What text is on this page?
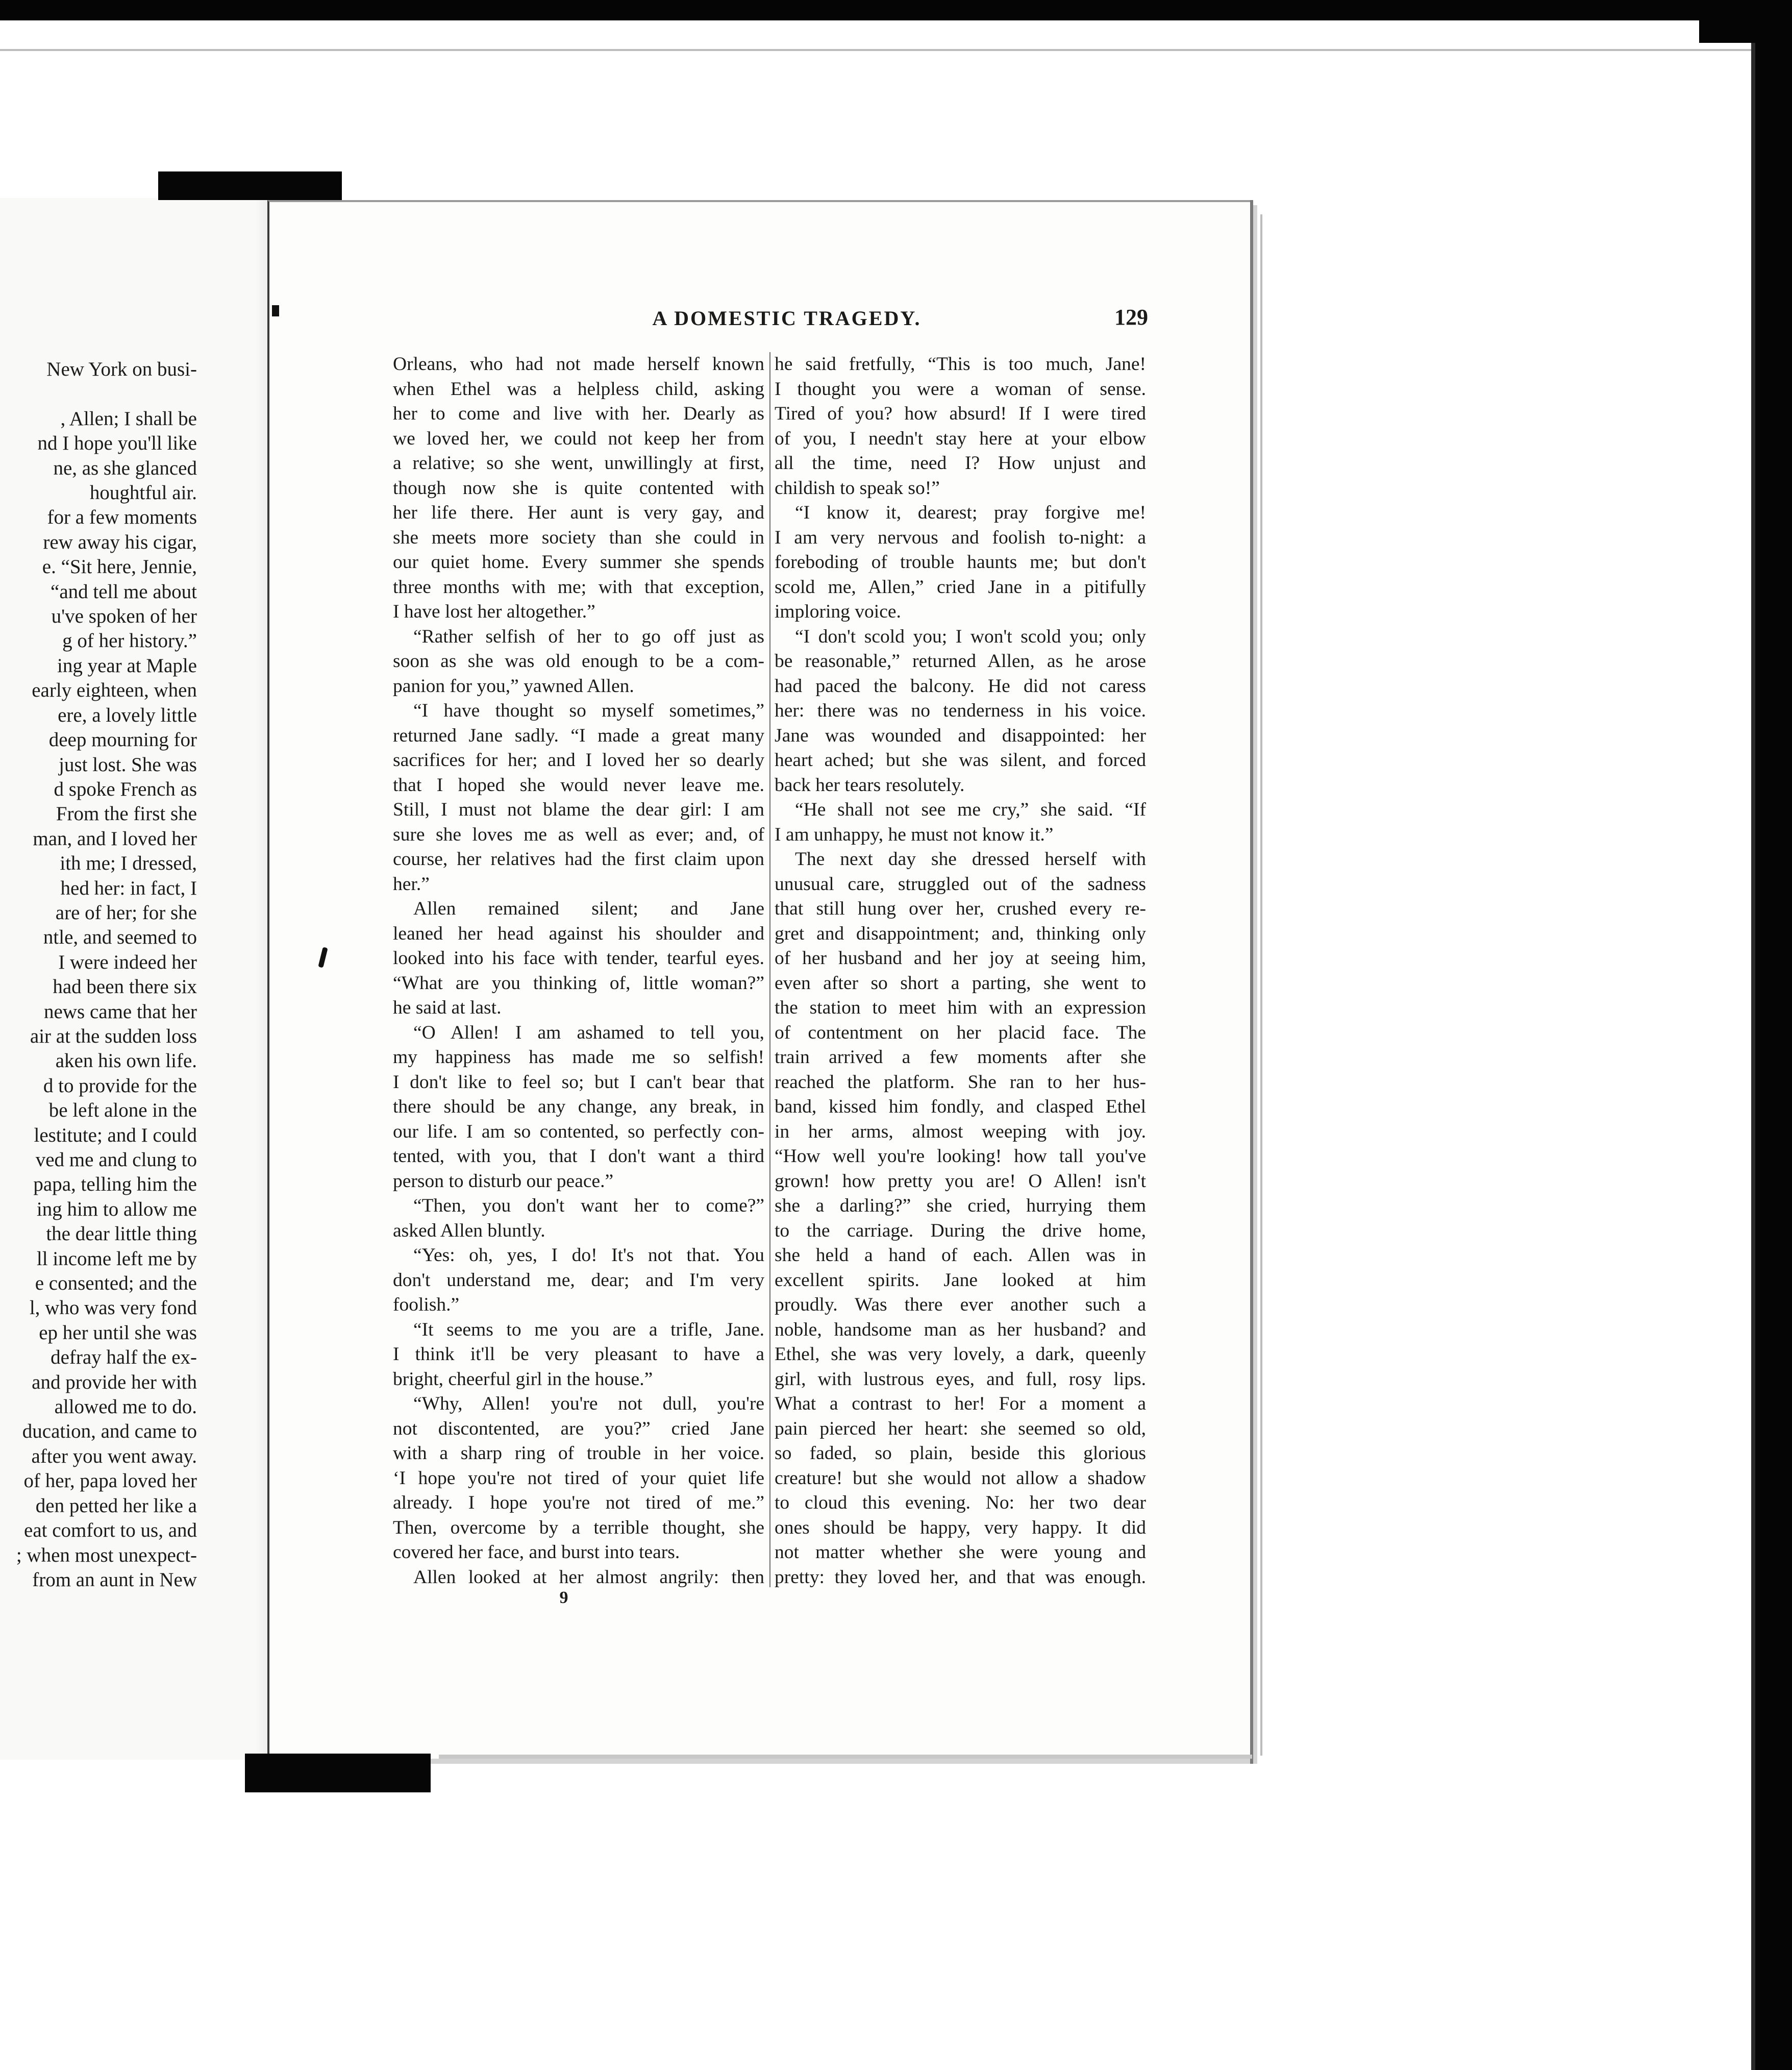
New York on busi-

, Allen; I shall be
nd I hope you'll like
ne, as she glanced
houghtful air.
for a few moments
rew away his cigar,
e. “Sit here, Jennie,
“and tell me about
u've spoken of her
g of her history.”
ing year at Maple
early eighteen, when
ere, a lovely little
deep mourning for
just lost. She was
d spoke French as
From the first she
man, and I loved her
ith me; I dressed,
hed her: in fact, I
are of her; for she
ntle, and seemed to
I were indeed her
had been there six
news came that her
air at the sudden loss
aken his own life.
d to provide for the
be left alone in the
lestitute; and I could
ved me and clung to
papa, telling him the
ing him to allow me
the dear little thing
ll income left me by
e consented; and the
l, who was very fond
ep her until she was
defray half the ex-
and provide her with
allowed me to do.
ducation, and came to
after you went away.
of her, papa loved her
den petted her like a
eat comfort to us, and
; when most unexpect-
from an aunt in New
A DOMESTIC TRAGEDY.	129
Orleans, who had not made herself known
when Ethel was a helpless child, asking
her to come and live with her. Dearly as
we loved her, we could not keep her from
a relative; so she went, unwillingly at first,
though now she is quite contented with
her life there. Her aunt is very gay, and
she meets more society than she could in
our quiet home. Every summer she spends
three months with me; with that exception,
I have lost her altogether.”
“Rather selfish of her to go off just as
soon as she was old enough to be a com-
panion for you,” yawned Allen.
“I have thought so myself sometimes,”
returned Jane sadly. “I made a great many
sacrifices for her; and I loved her so dearly
that I hoped she would never leave me.
Still, I must not blame the dear girl: I am
sure she loves me as well as ever; and, of
course, her relatives had the first claim upon
her.”
Allen remained silent; and Jane
leaned her head against his shoulder and
looked into his face with tender, tearful eyes.
“What are you thinking of, little woman?”
he said at last.
“O Allen! I am ashamed to tell you,
my happiness has made me so selfish!
I don't like to feel so; but I can't bear that
there should be any change, any break, in
our life. I am so contented, so perfectly con-
tented, with you, that I don't want a third
person to disturb our peace.”
“Then, you don't want her to come?”
asked Allen bluntly.
“Yes: oh, yes, I do! It's not that. You
don't understand me, dear; and I'm very
foolish.”
“It seems to me you are a trifle, Jane.
I think it'll be very pleasant to have a
bright, cheerful girl in the house.”
“Why, Allen! you're not dull, you're
not discontented, are you?” cried Jane
with a sharp ring of trouble in her voice.
‘I hope you're not tired of your quiet life
already. I hope you're not tired of me.”
Then, overcome by a terrible thought, she
covered her face, and burst into tears.
Allen looked at her almost angrily: then
he said fretfully, “This is too much, Jane!
I thought you were a woman of sense.
Tired of you? how absurd! If I were tired
of you, I needn't stay here at your elbow
all the time, need I? How unjust and
childish to speak so!”
“I know it, dearest; pray forgive me!
I am very nervous and foolish to-night: a
foreboding of trouble haunts me; but don't
scold me, Allen,” cried Jane in a pitifully
imploring voice.
“I don't scold you; I won't scold you; only
be reasonable,” returned Allen, as he arose
had paced the balcony. He did not caress
her: there was no tenderness in his voice.
Jane was wounded and disappointed: her
heart ached; but she was silent, and forced
back her tears resolutely.
“He shall not see me cry,” she said. “If
I am unhappy, he must not know it.”
The next day she dressed herself with
unusual care, struggled out of the sadness
that still hung over her, crushed every re-
gret and disappointment; and, thinking only
of her husband and her joy at seeing him,
even after so short a parting, she went to
the station to meet him with an expression
of contentment on her placid face. The
train arrived a few moments after she
reached the platform. She ran to her hus-
band, kissed him fondly, and clasped Ethel
in her arms, almost weeping with joy.
“How well you're looking! how tall you've
grown! how pretty you are! O Allen! isn't
she a darling?” she cried, hurrying them
to the carriage. During the drive home,
she held a hand of each. Allen was in
excellent spirits. Jane looked at him
proudly. Was there ever another such a
noble, handsome man as her husband? and
Ethel, she was very lovely, a dark, queenly
girl, with lustrous eyes, and full, rosy lips.
What a contrast to her! For a moment a
pain pierced her heart: she seemed so old,
so faded, so plain, beside this glorious
creature! but she would not allow a shadow
to cloud this evening. No: her two dear
ones should be happy, very happy. It did
not matter whether she were young and
pretty: they loved her, and that was enough.
9
